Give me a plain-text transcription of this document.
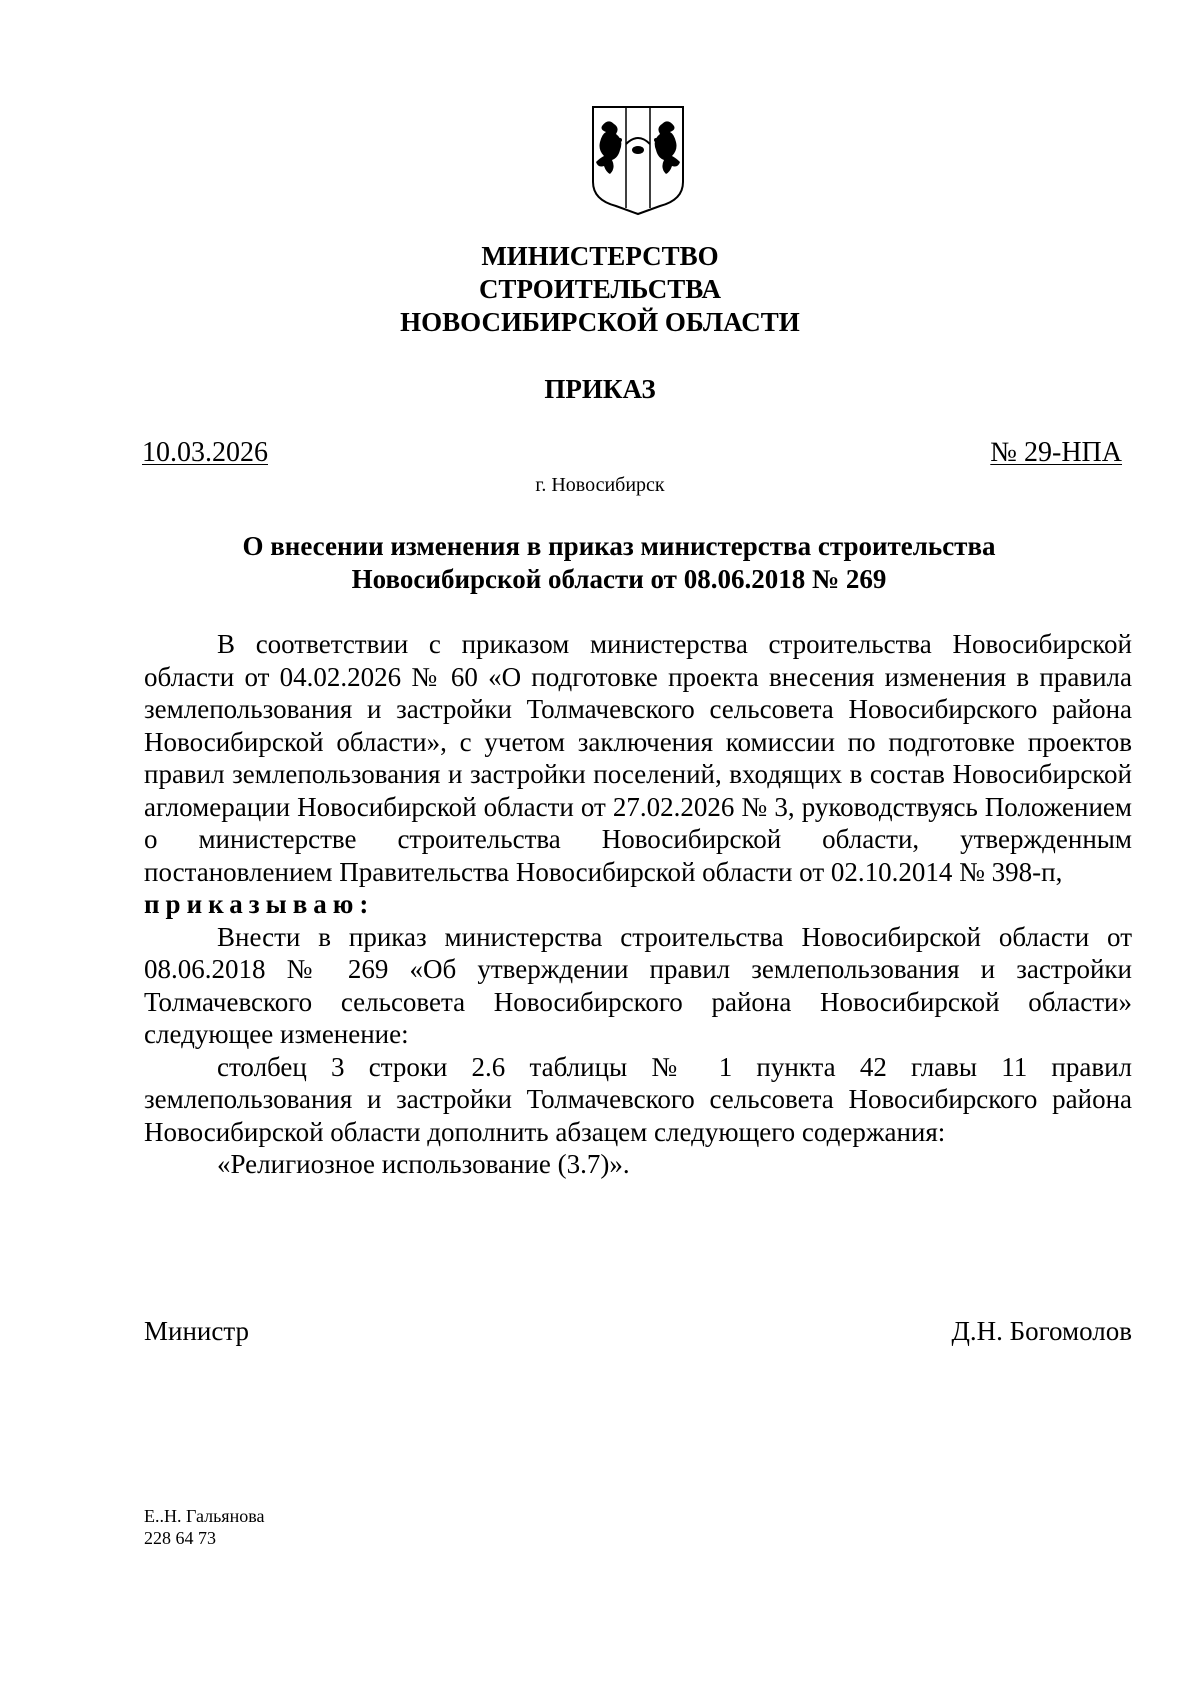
МИНИСТЕРСТВО
СТРОИТЕЛЬСТВА
НОВОСИБИРСКОЙ ОБЛАСТИ
ПРИКАЗ
10.03.2026	№ 29-НПА
г. Новосибирск
О внесении изменения в приказ министерства строительства
Новосибирской области от 08.06.2018 № 269

В соответствии с приказом министерства строительства Новосибирской области от 04.02.2026 № 60 «О подготовке проекта внесения изменения в правила землепользования и застройки Толмачевского сельсовета Новосибирского района Новосибирской области», с учетом заключения комиссии по подготовке проектов правил землепользования и застройки поселений, входящих в состав Новосибирской агломерации Новосибирской области от 27.02.2026 № 3, руководствуясь Положением о министерстве строительства Новосибирской области, утвержденным постановлением Правительства Новосибирской области от 02.10.2014 № 398-п,

приказываю:

Внести в приказ министерства строительства Новосибирской области от 08.06.2018 № 269 «Об утверждении правил землепользования и застройки Толмачевского сельсовета Новосибирского района Новосибирской области» следующее изменение:

столбец 3 строки 2.6 таблицы № 1 пункта 42 главы 11 правил землепользования и застройки Толмачевского сельсовета Новосибирского района Новосибирской области дополнить абзацем следующего содержания:

«Религиозное использование (3.7)».

Министр	Д.Н. Богомолов
Е..Н. Гальянова
228 64 73
